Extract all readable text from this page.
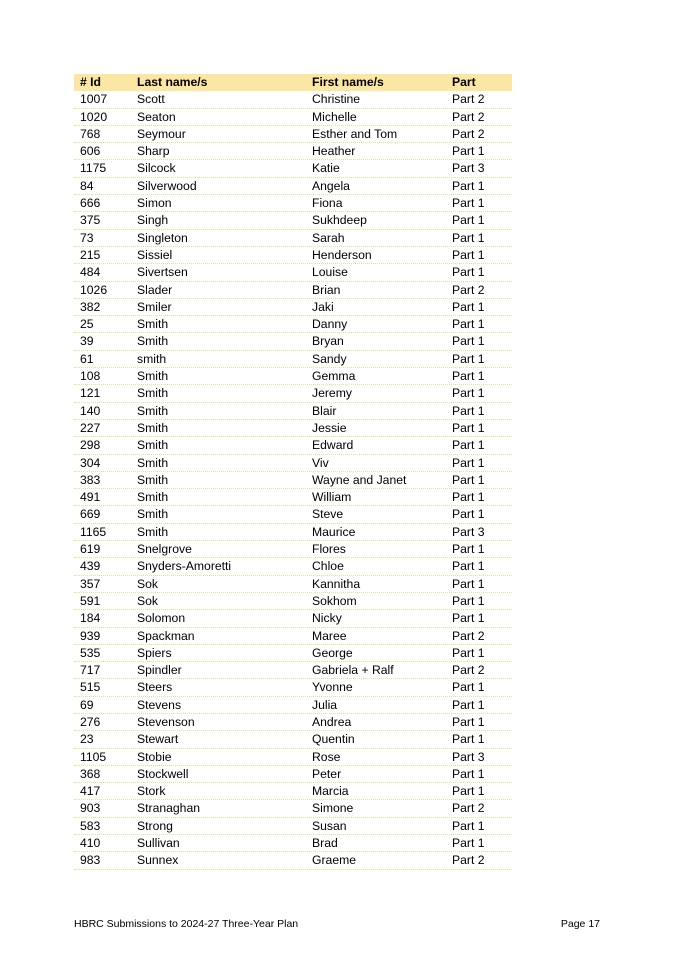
# Id	Last name/s	First name/s	Part
1007	Scott	Christine	Part 2
1020	Seaton	Michelle	Part 2
768	Seymour	Esther and Tom	Part 2
606	Sharp	Heather	Part 1
1175	Silcock	Katie	Part 3
84	Silverwood	Angela	Part 1
666	Simon	Fiona	Part 1
375	Singh	Sukhdeep	Part 1
73	Singleton	Sarah	Part 1
215	Sissiel	Henderson	Part 1
484	Sivertsen	Louise	Part 1
1026	Slader	Brian	Part 2
382	Smiler	Jaki	Part 1
25	Smith	Danny	Part 1
39	Smith	Bryan	Part 1
61	smith	Sandy	Part 1
108	Smith	Gemma	Part 1
121	Smith	Jeremy	Part 1
140	Smith	Blair	Part 1
227	Smith	Jessie	Part 1
298	Smith	Edward	Part 1
304	Smith	Viv	Part 1
383	Smith	Wayne and Janet	Part 1
491	Smith	William	Part 1
669	Smith	Steve	Part 1
1165	Smith	Maurice	Part 3
619	Snelgrove	Flores	Part 1
439	Snyders-Amoretti	Chloe	Part 1
357	Sok	Kannitha	Part 1
591	Sok	Sokhom	Part 1
184	Solomon	Nicky	Part 1
939	Spackman	Maree	Part 2
535	Spiers	George	Part 1
717	Spindler	Gabriela + Ralf	Part 2
515	Steers	Yvonne	Part 1
69	Stevens	Julia	Part 1
276	Stevenson	Andrea	Part 1
23	Stewart	Quentin	Part 1
1105	Stobie	Rose	Part 3
368	Stockwell	Peter	Part 1
417	Stork	Marcia	Part 1
903	Stranaghan	Simone	Part 2
583	Strong	Susan	Part 1
410	Sullivan	Brad	Part 1
983	Sunnex	Graeme	Part 2
HBRC Submissions to 2024-27 Three-Year Plan	Page 17
